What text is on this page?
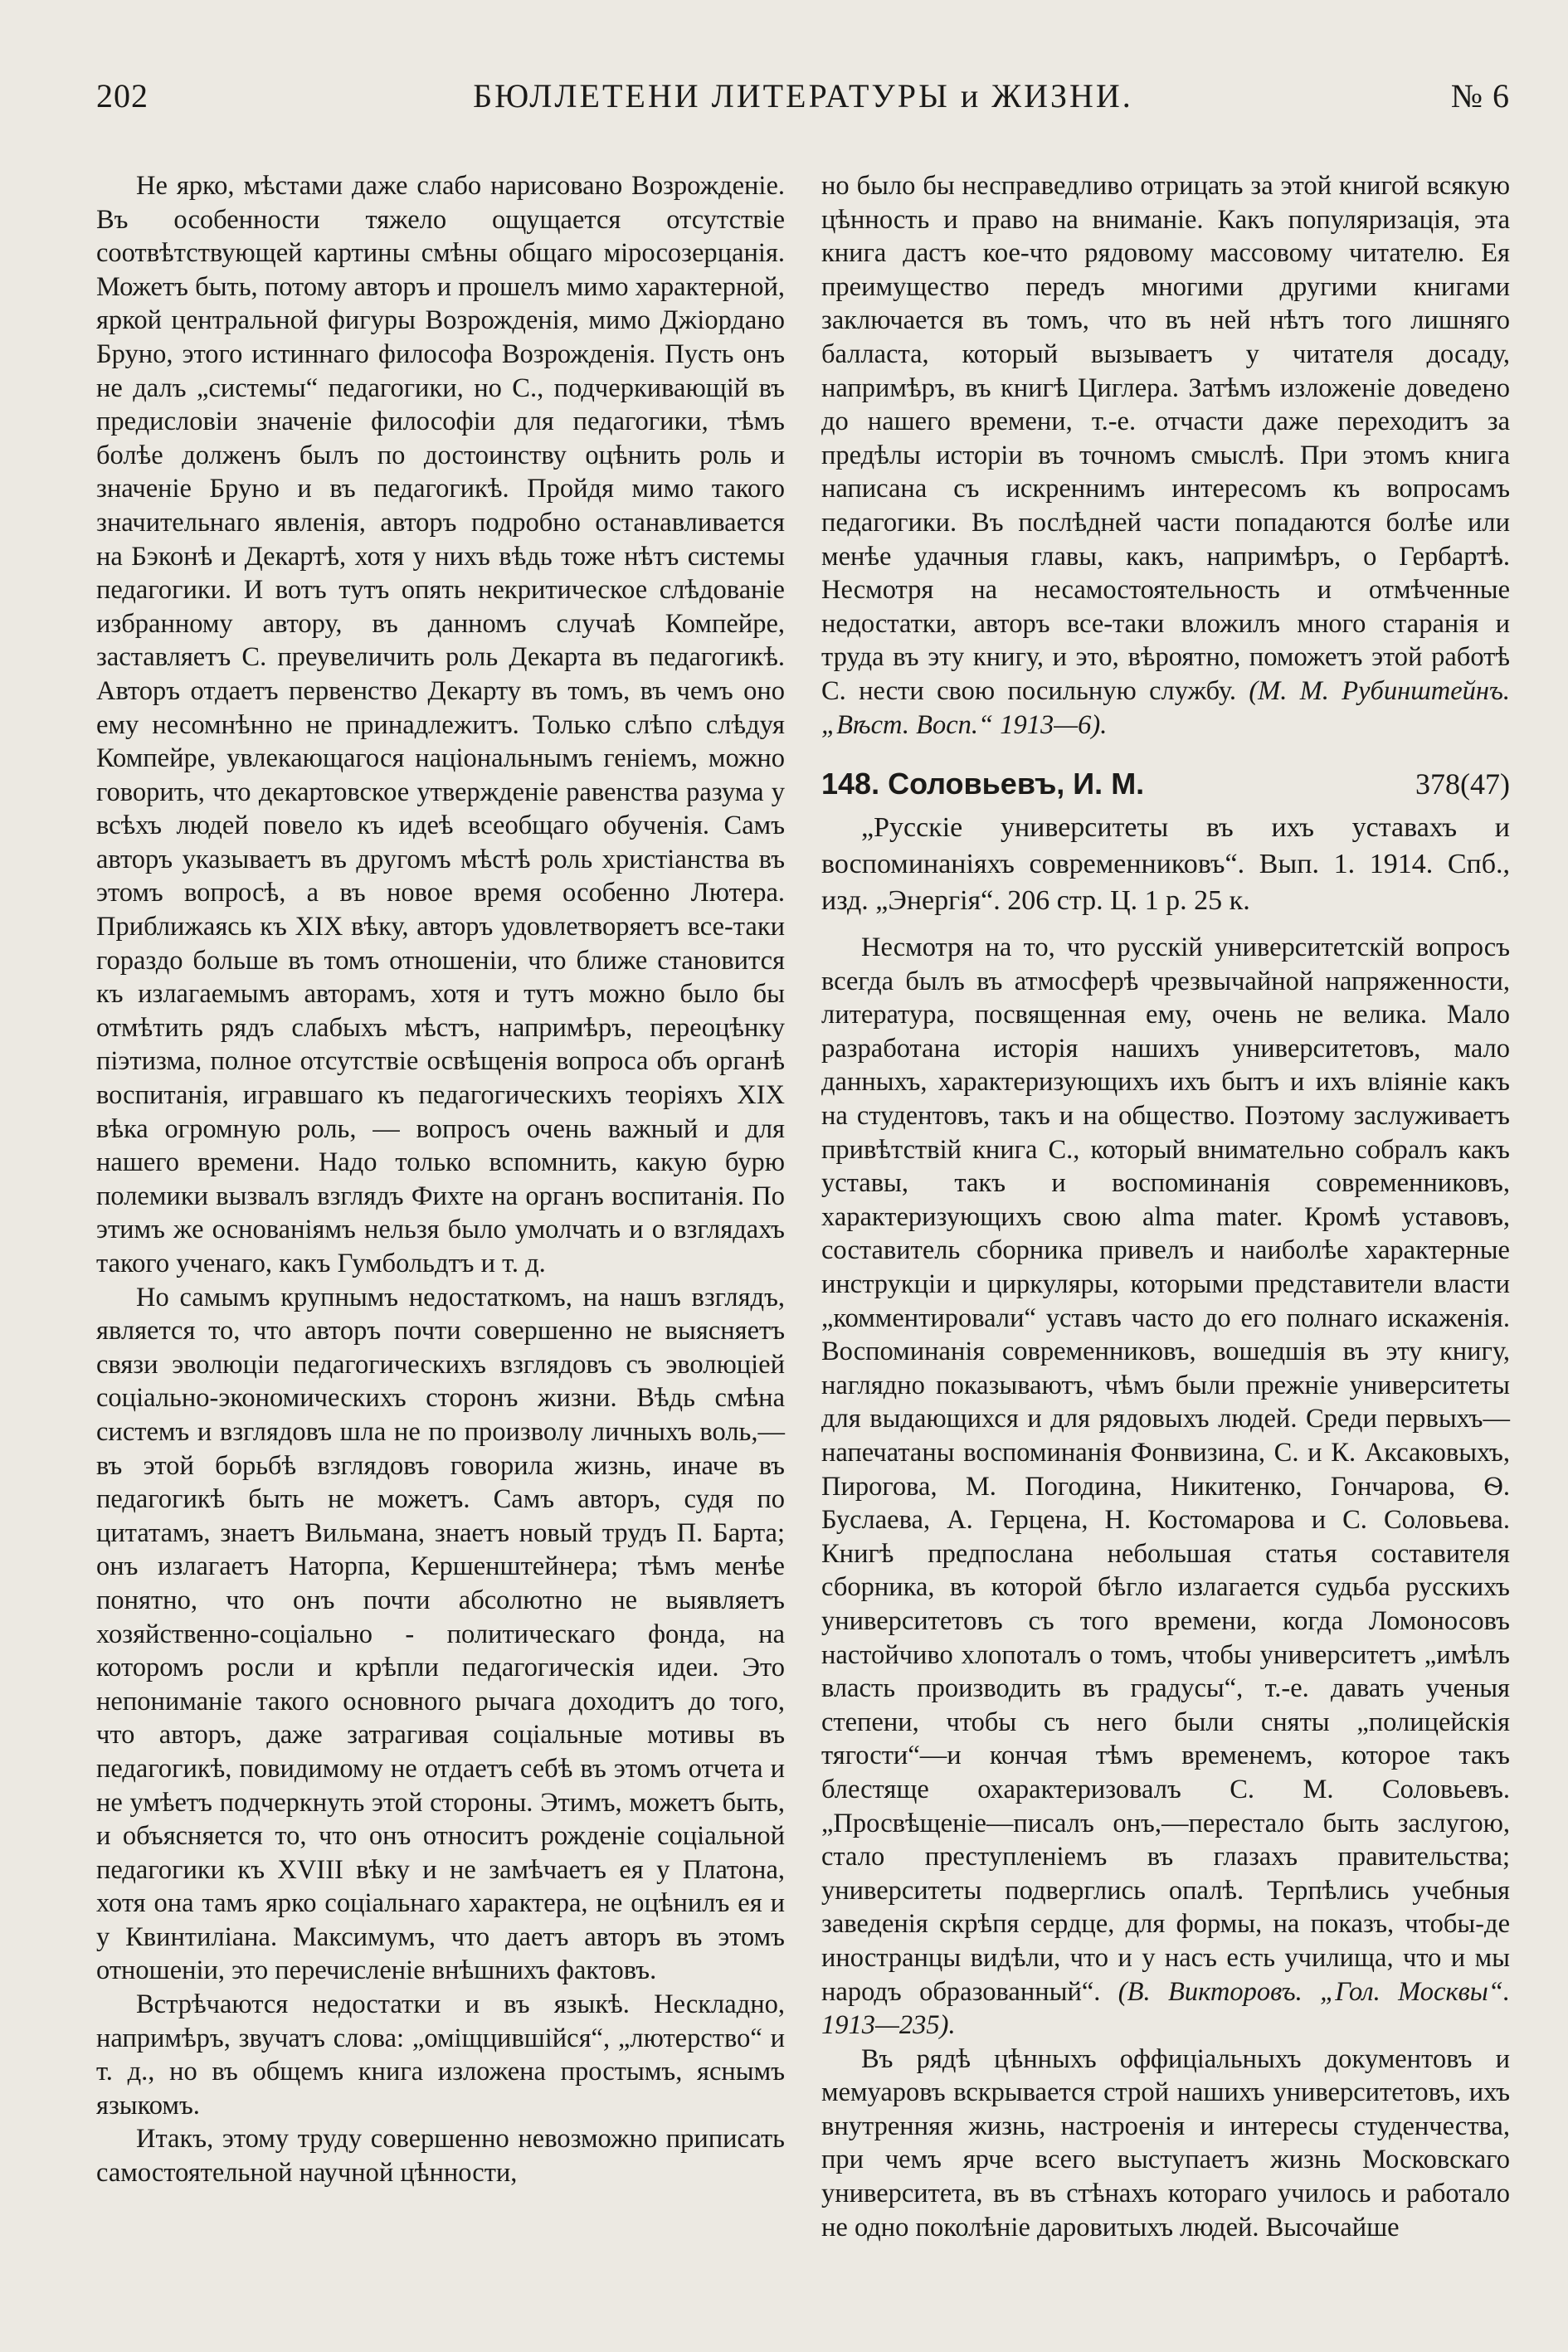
202	БЮЛЛЕТЕНИ ЛИТЕРАТУРЫ и ЖИЗНИ.	№ 6

Не ярко, мѣстами даже слабо нарисовано Возрожденіе. Въ особенности тяжело ощущается отсутствіе соотвѣтствующей картины смѣны общаго міросозерцанія. Можетъ быть, потому авторъ и прошелъ мимо характерной, яркой центральной фигуры Возрожденія, мимо Джіордано Бруно, этого истиннаго философа Возрожденія. Пусть онъ не далъ „системы“ педагогики, но С., подчеркивающій въ предисловіи значеніе философіи для педагогики, тѣмъ болѣе долженъ былъ по достоинству оцѣнить роль и значеніе Бруно и въ педагогикѣ. Пройдя мимо такого значительнаго явленія, авторъ подробно останавливается на Бэконѣ и Декартѣ, хотя у нихъ вѣдь тоже нѣтъ системы педагогики. И вотъ тутъ опять некритическое слѣдованіе избранному автору, въ данномъ случаѣ Компейре, заставляетъ С. преувеличить роль Декарта въ педагогикѣ. Авторъ отдаетъ первенство Декарту въ томъ, въ чемъ оно ему несомнѣнно не принадлежитъ. Только слѣпо слѣдуя Компейре, увлекающагося національнымъ геніемъ, можно говорить, что декартовское утвержденіе равенства разума у всѣхъ людей повело къ идеѣ всеобщаго обученія. Самъ авторъ указываетъ въ другомъ мѣстѣ роль христіанства въ этомъ вопросѣ, а въ новое время особенно Лютера. Приближаясь къ XIX вѣку, авторъ удовлетворяетъ все-таки гораздо больше въ томъ отношеніи, что ближе становится къ излагаемымъ авторамъ, хотя и тутъ можно было бы отмѣтить рядъ слабыхъ мѣстъ, напримѣръ, переоцѣнку піэтизма, полное отсутствіе освѣщенія вопроса объ органѣ воспитанія, игравшаго къ педагогическихъ теоріяхъ XIX вѣка огромную роль, — вопросъ очень важный и для нашего времени. Надо только вспомнить, какую бурю полемики вызвалъ взглядъ Фихте на органъ воспитанія. По этимъ же основаніямъ нельзя было умолчать и о взглядахъ такого ученаго, какъ Гумбольдтъ и т. д.

Но самымъ крупнымъ недостаткомъ, на нашъ взглядъ, является то, что авторъ почти совершенно не выясняетъ связи эволюціи педагогическихъ взглядовъ съ эволюціей соціально-экономическихъ сторонъ жизни. Вѣдь смѣна системъ и взглядовъ шла не по произволу личныхъ воль,— въ этой борьбѣ взглядовъ говорила жизнь, иначе въ педагогикѣ быть не можетъ. Самъ авторъ, судя по цитатамъ, знаетъ Вильмана, знаетъ новый трудъ П. Барта; онъ излагаетъ Наторпа, Кершенштейнера; тѣмъ менѣе понятно, что онъ почти абсолютно не выявляетъ хозяйственно-соціально - политическаго фонда, на которомъ росли и крѣпли педагогическія идеи. Это непониманіе такого основного рычага доходитъ до того, что авторъ, даже затрагивая соціальные мотивы въ педагогикѣ, повидимому не отдаетъ себѣ въ этомъ отчета и не умѣетъ подчеркнуть этой стороны. Этимъ, можетъ быть, и объясняется то, что онъ относитъ рожденіе соціальной педагогики къ XVIII вѣку и не замѣчаетъ ея у Платона, хотя она тамъ ярко соціальнаго характера, не оцѣнилъ ея и у Квинтиліана. Максимумъ, что даетъ авторъ въ этомъ отношеніи, это перечисленіе внѣшнихъ фактовъ.

Встрѣчаются недостатки и въ языкѣ. Нескладно, напримѣръ, звучатъ слова: „оміщцившійся“, „лютерство“ и т. д., но въ общемъ книга изложена простымъ, яснымъ языкомъ.

Итакъ, этому труду совершенно невозможно приписать самостоятельной научной цѣнности,

но было бы несправедливо отрицать за этой книгой всякую цѣнность и право на вниманіе. Какъ популяризація, эта книга дастъ кое-что рядовому массовому читателю. Ея преимущество передъ многими другими книгами заключается въ томъ, что въ ней нѣтъ того лишняго балласта, который вызываетъ у читателя досаду, напримѣръ, въ книгѣ Циглера. Затѣмъ изложеніе доведено до нашего времени, т.-е. отчасти даже переходитъ за предѣлы исторіи въ точномъ смыслѣ. При этомъ книга написана съ искреннимъ интересомъ къ вопросамъ педагогики. Въ послѣдней части попадаются болѣе или менѣе удачныя главы, какъ, напримѣръ, о Гербартѣ. Несмотря на несамостоятельность и отмѣченные недостатки, авторъ все-таки вложилъ много старанія и труда въ эту книгу, и это, вѣроятно, поможетъ этой работѣ С. нести свою посильную службу. (М. М. Рубинштейнъ. „Вѣст. Восп.“ 1913—6).

148. Соловьевъ, И. М.	378(47)

„Русскіе университеты въ ихъ уставахъ и воспоминаніяхъ современниковъ“. Вып. 1. 1914. Спб., изд. „Энергія“. 206 стр. Ц. 1 р. 25 к.

Несмотря на то, что русскій университетскій вопросъ всегда былъ въ атмосферѣ чрезвычайной напряженности, литература, посвященная ему, очень не велика. Мало разработана исторія нашихъ университетовъ, мало данныхъ, характеризующихъ ихъ бытъ и ихъ вліяніе какъ на студентовъ, такъ и на общество. Поэтому заслуживаетъ привѣтствій книга С., который внимательно собралъ какъ уставы, такъ и воспоминанія современниковъ, характеризующихъ свою alma mater. Кромѣ уставовъ, составитель сборника привелъ и наиболѣе характерные инструкціи и циркуляры, которыми представители власти „комментировали“ уставъ часто до его полнаго искаженія. Воспоминанія современниковъ, вошедшія въ эту книгу, наглядно показываютъ, чѣмъ были прежніе университеты для выдающихся и для рядовыхъ людей. Среди первыхъ—напечатаны воспоминанія Фонвизина, С. и К. Аксаковыхъ, Пирогова, М. Погодина, Никитенко, Гончарова, Ѳ. Буслаева, А. Герцена, Н. Костомарова и С. Соловьева. Книгѣ предпослана небольшая статья составителя сборника, въ которой бѣгло излагается судьба русскихъ университетовъ съ того времени, когда Ломоносовъ настойчиво хлопоталъ о томъ, чтобы университетъ „имѣлъ власть производить въ градусы“, т.-е. давать ученыя степени, чтобы съ него были сняты „полицейскія тягости“—и кончая тѣмъ временемъ, которое такъ блестяще охарактеризовалъ С. М. Соловьевъ. „Просвѣщеніе—писалъ онъ,—перестало быть заслугою, стало преступленіемъ въ глазахъ правительства; университеты подверглись опалѣ. Терпѣлись учебныя заведенія скрѣпя сердце, для формы, на показъ, чтобы-де иностранцы видѣли, что и у насъ есть училища, что и мы народъ образованный“. (В. Викторовъ. „Гол. Москвы“. 1913—235).

Въ рядѣ цѣнныхъ оффиціальныхъ документовъ и мемуаровъ вскрывается строй нашихъ университетовъ, ихъ внутренняя жизнь, настроенія и интересы студенчества, при чемъ ярче всего выступаетъ жизнь Московскаго университета, въ въ стѣнахъ котораго училось и работало не одно поколѣніе даровитыхъ людей. Высочайше
